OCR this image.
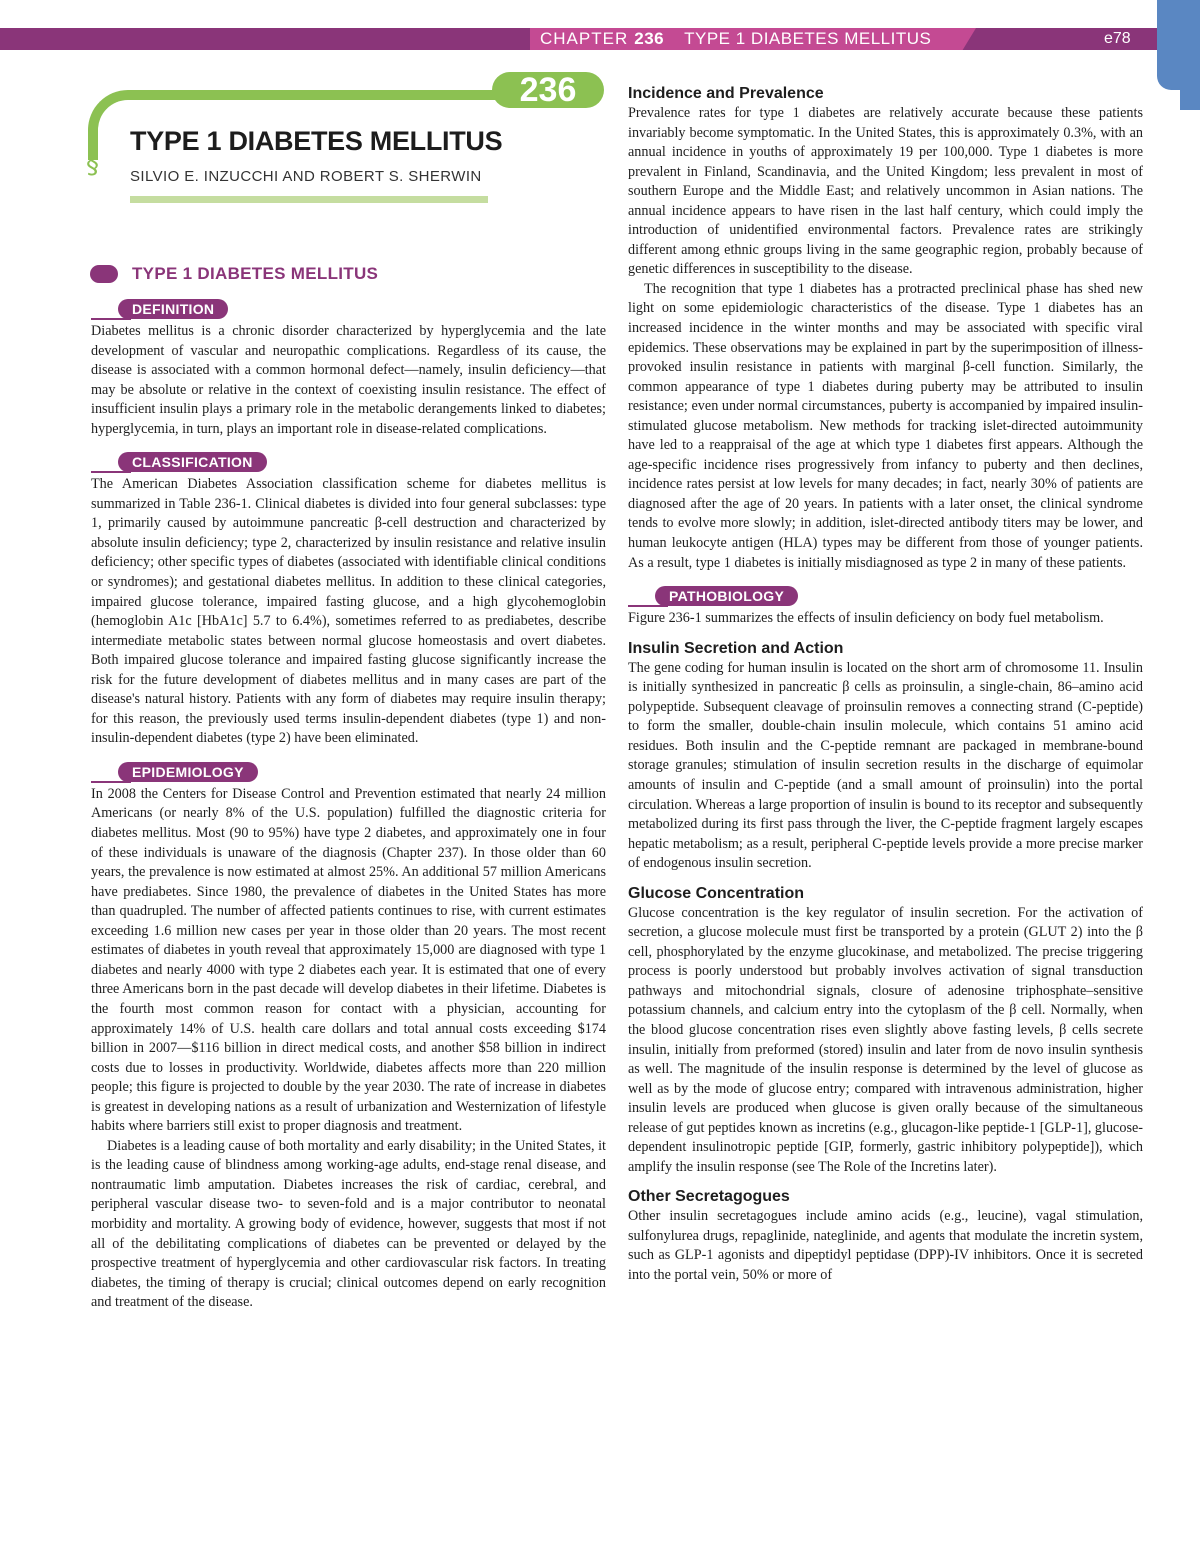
CHAPTER 236 TYPE 1 DIABETES MELLITUS	e78
236
§
TYPE 1 DIABETES MELLITUS
SILVIO E. INZUCCHI AND ROBERT S. SHERWIN
TYPE 1 DIABETES MELLITUS
DEFINITION

Diabetes mellitus is a chronic disorder characterized by hyperglycemia and the late development of vascular and neuropathic complications. Regardless of its cause, the disease is associated with a common hormonal defect—namely, insulin deficiency—that may be absolute or relative in the context of coexisting insulin resistance. The effect of insufficient insulin plays a primary role in the metabolic derangements linked to diabetes; hyperglycemia, in turn, plays an important role in disease-related complications.

CLASSIFICATION

The American Diabetes Association classification scheme for diabetes mellitus is summarized in Table 236-1. Clinical diabetes is divided into four general subclasses: type 1, primarily caused by autoimmune pancreatic β-cell destruction and characterized by absolute insulin deficiency; type 2, characterized by insulin resistance and relative insulin deficiency; other specific types of diabetes (associated with identifiable clinical conditions or syndromes); and gestational diabetes mellitus. In addition to these clinical categories, impaired glucose tolerance, impaired fasting glucose, and a high glycohemoglobin (hemoglobin A1c [HbA1c] 5.7 to 6.4%), sometimes referred to as prediabetes, describe intermediate metabolic states between normal glucose homeostasis and overt diabetes. Both impaired glucose tolerance and impaired fasting glucose significantly increase the risk for the future development of diabetes mellitus and in many cases are part of the disease's natural history. Patients with any form of diabetes may require insulin therapy; for this reason, the previously used terms insulin-dependent diabetes (type 1) and non-insulin-dependent diabetes (type 2) have been eliminated.

EPIDEMIOLOGY

In 2008 the Centers for Disease Control and Prevention estimated that nearly 24 million Americans (or nearly 8% of the U.S. population) fulfilled the diagnostic criteria for diabetes mellitus. Most (90 to 95%) have type 2 diabetes, and approximately one in four of these individuals is unaware of the diagnosis (Chapter 237). In those older than 60 years, the prevalence is now estimated at almost 25%. An additional 57 million Americans have prediabetes. Since 1980, the prevalence of diabetes in the United States has more than quadrupled. The number of affected patients continues to rise, with current estimates exceeding 1.6 million new cases per year in those older than 20 years. The most recent estimates of diabetes in youth reveal that approximately 15,000 are diagnosed with type 1 diabetes and nearly 4000 with type 2 diabetes each year. It is estimated that one of every three Americans born in the past decade will develop diabetes in their lifetime. Diabetes is the fourth most common reason for contact with a physician, accounting for approximately 14% of U.S. health care dollars and total annual costs exceeding $174 billion in 2007—$116 billion in direct medical costs, and another $58 billion in indirect costs due to losses in productivity. Worldwide, diabetes affects more than 220 million people; this figure is projected to double by the year 2030. The rate of increase in diabetes is greatest in developing nations as a result of urbanization and Westernization of lifestyle habits where barriers still exist to proper diagnosis and treatment.

Diabetes is a leading cause of both mortality and early disability; in the United States, it is the leading cause of blindness among working-age adults, end-stage renal disease, and nontraumatic limb amputation. Diabetes increases the risk of cardiac, cerebral, and peripheral vascular disease two- to seven-fold and is a major contributor to neonatal morbidity and mortality. A growing body of evidence, however, suggests that most if not all of the debilitating complications of diabetes can be prevented or delayed by the prospective treatment of hyperglycemia and other cardiovascular risk factors. In treating diabetes, the timing of therapy is crucial; clinical outcomes depend on early recognition and treatment of the disease.

Incidence and Prevalence

Prevalence rates for type 1 diabetes are relatively accurate because these patients invariably become symptomatic. In the United States, this is approximately 0.3%, with an annual incidence in youths of approximately 19 per 100,000. Type 1 diabetes is more prevalent in Finland, Scandinavia, and the United Kingdom; less prevalent in most of southern Europe and the Middle East; and relatively uncommon in Asian nations. The annual incidence appears to have risen in the last half century, which could imply the introduction of unidentified environmental factors. Prevalence rates are strikingly different among ethnic groups living in the same geographic region, probably because of genetic differences in susceptibility to the disease.

The recognition that type 1 diabetes has a protracted preclinical phase has shed new light on some epidemiologic characteristics of the disease. Type 1 diabetes has an increased incidence in the winter months and may be associated with specific viral epidemics. These observations may be explained in part by the superimposition of illness-provoked insulin resistance in patients with marginal β-cell function. Similarly, the common appearance of type 1 diabetes during puberty may be attributed to insulin resistance; even under normal circumstances, puberty is accompanied by impaired insulin-stimulated glucose metabolism. New methods for tracking islet-directed autoimmunity have led to a reappraisal of the age at which type 1 diabetes first appears. Although the age-specific incidence rises progressively from infancy to puberty and then declines, incidence rates persist at low levels for many decades; in fact, nearly 30% of patients are diagnosed after the age of 20 years. In patients with a later onset, the clinical syndrome tends to evolve more slowly; in addition, islet-directed antibody titers may be lower, and human leukocyte antigen (HLA) types may be different from those of younger patients. As a result, type 1 diabetes is initially misdiagnosed as type 2 in many of these patients.

PATHOBIOLOGY

Figure 236-1 summarizes the effects of insulin deficiency on body fuel metabolism.

Insulin Secretion and Action

The gene coding for human insulin is located on the short arm of chromosome 11. Insulin is initially synthesized in pancreatic β cells as proinsulin, a single-chain, 86–amino acid polypeptide. Subsequent cleavage of proinsulin removes a connecting strand (C-peptide) to form the smaller, double-chain insulin molecule, which contains 51 amino acid residues. Both insulin and the C-peptide remnant are packaged in membrane-bound storage granules; stimulation of insulin secretion results in the discharge of equimolar amounts of insulin and C-peptide (and a small amount of proinsulin) into the portal circulation. Whereas a large proportion of insulin is bound to its receptor and subsequently metabolized during its first pass through the liver, the C-peptide fragment largely escapes hepatic metabolism; as a result, peripheral C-peptide levels provide a more precise marker of endogenous insulin secretion.

Glucose Concentration

Glucose concentration is the key regulator of insulin secretion. For the activation of secretion, a glucose molecule must first be transported by a protein (GLUT 2) into the β cell, phosphorylated by the enzyme glucokinase, and metabolized. The precise triggering process is poorly understood but probably involves activation of signal transduction pathways and mitochondrial signals, closure of adenosine triphosphate–sensitive potassium channels, and calcium entry into the cytoplasm of the β cell. Normally, when the blood glucose concentration rises even slightly above fasting levels, β cells secrete insulin, initially from preformed (stored) insulin and later from de novo insulin synthesis as well. The magnitude of the insulin response is determined by the level of glucose as well as by the mode of glucose entry; compared with intravenous administration, higher insulin levels are produced when glucose is given orally because of the simultaneous release of gut peptides known as incretins (e.g., glucagon-like peptide-1 [GLP-1], glucose-dependent insulinotropic peptide [GIP, formerly, gastric inhibitory polypeptide]), which amplify the insulin response (see The Role of the Incretins later).

Other Secretagogues

Other insulin secretagogues include amino acids (e.g., leucine), vagal stimulation, sulfonylurea drugs, repaglinide, nateglinide, and agents that modulate the incretin system, such as GLP-1 agonists and dipeptidyl peptidase (DPP)-IV inhibitors. Once it is secreted into the portal vein, 50% or more of
